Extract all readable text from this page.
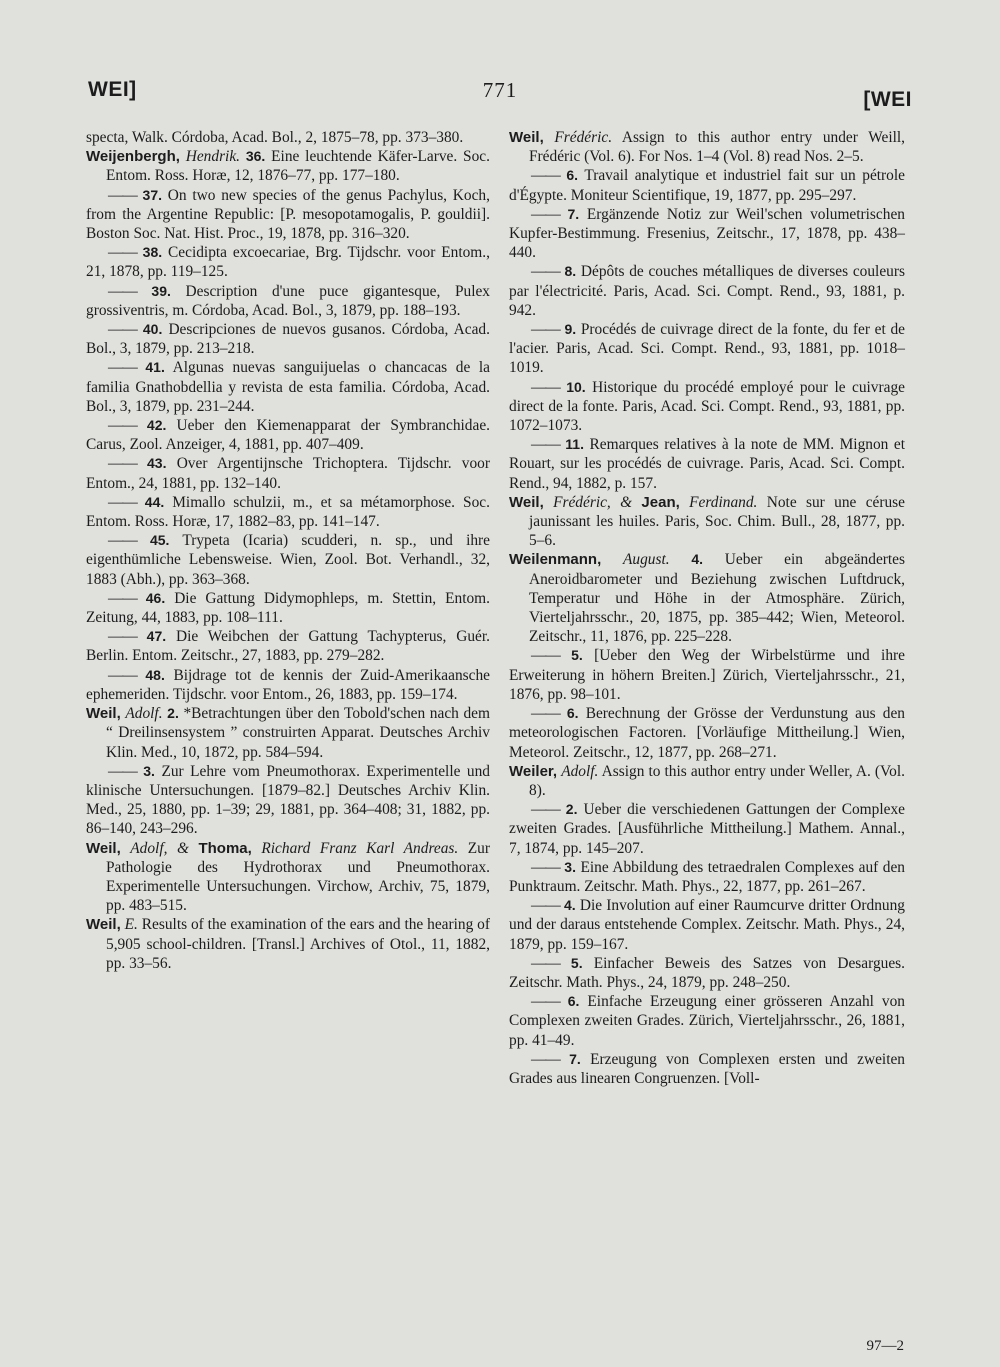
WEI]	771	[WEI

specta, Walk. Córdoba, Acad. Bol., 2, 1875–78, pp. 373–380.

Weijenbergh, Hendrik. 36. Eine leuchtende Käfer-Larve. Soc. Entom. Ross. Horæ, 12, 1876–77, pp. 177–180.

—— 37. On two new species of the genus Pachylus, Koch, from the Argentine Republic: [P. mesopotamogalis, P. gouldii]. Boston Soc. Nat. Hist. Proc., 19, 1878, pp. 316–320.

—— 38. Cecidipta excoecariae, Brg. Tijdschr. voor Entom., 21, 1878, pp. 119–125.

—— 39. Description d'une puce gigantesque, Pulex grossiventris, m. Córdoba, Acad. Bol., 3, 1879, pp. 188–193.

—— 40. Descripciones de nuevos gusanos. Córdoba, Acad. Bol., 3, 1879, pp. 213–218.

—— 41. Algunas nuevas sanguijuelas o chancacas de la familia Gnathobdellia y revista de esta familia. Córdoba, Acad. Bol., 3, 1879, pp. 231–244.

—— 42. Ueber den Kiemenapparat der Symbranchidae. Carus, Zool. Anzeiger, 4, 1881, pp. 407–409.

—— 43. Over Argentijnsche Trichoptera. Tijdschr. voor Entom., 24, 1881, pp. 132–140.

—— 44. Mimallo schulzii, m., et sa métamorphose. Soc. Entom. Ross. Horæ, 17, 1882–83, pp. 141–147.

—— 45. Trypeta (Icaria) scudderi, n. sp., und ihre eigenthümliche Lebensweise. Wien, Zool. Bot. Verhandl., 32, 1883 (Abh.), pp. 363–368.

—— 46. Die Gattung Didymophleps, m. Stettin, Entom. Zeitung, 44, 1883, pp. 108–111.

—— 47. Die Weibchen der Gattung Tachypterus, Guér. Berlin. Entom. Zeitschr., 27, 1883, pp. 279–282.

—— 48. Bijdrage tot de kennis der Zuid-Amerikaansche ephemeriden. Tijdschr. voor Entom., 26, 1883, pp. 159–174.

Weil, Adolf. 2. *Betrachtungen über den Tobold'schen nach dem “ Dreilinsensystem ” construirten Apparat. Deutsches Archiv Klin. Med., 10, 1872, pp. 584–594.

—— 3. Zur Lehre vom Pneumothorax. Experimentelle und klinische Untersuchungen. [1879–82.] Deutsches Archiv Klin. Med., 25, 1880, pp. 1–39; 29, 1881, pp. 364–408; 31, 1882, pp. 86–140, 243–296.

Weil, Adolf, & Thoma, Richard Franz Karl Andreas. Zur Pathologie des Hydrothorax und Pneumothorax. Experimentelle Untersuchungen. Virchow, Archiv, 75, 1879, pp. 483–515.

Weil, E. Results of the examination of the ears and the hearing of 5,905 school-children. [Transl.] Archives of Otol., 11, 1882, pp. 33–56.

Weil, Frédéric. Assign to this author entry under Weill, Frédéric (Vol. 6). For Nos. 1–4 (Vol. 8) read Nos. 2–5.

—— 6. Travail analytique et industriel fait sur un pétrole d'Égypte. Moniteur Scientifique, 19, 1877, pp. 295–297.

—— 7. Ergänzende Notiz zur Weil'schen volumetrischen Kupfer-Bestimmung. Fresenius, Zeitschr., 17, 1878, pp. 438–440.

—— 8. Dépôts de couches métalliques de diverses couleurs par l'électricité. Paris, Acad. Sci. Compt. Rend., 93, 1881, p. 942.

—— 9. Procédés de cuivrage direct de la fonte, du fer et de l'acier. Paris, Acad. Sci. Compt. Rend., 93, 1881, pp. 1018–1019.

—— 10. Historique du procédé employé pour le cuivrage direct de la fonte. Paris, Acad. Sci. Compt. Rend., 93, 1881, pp. 1072–1073.

—— 11. Remarques relatives à la note de MM. Mignon et Rouart, sur les procédés de cuivrage. Paris, Acad. Sci. Compt. Rend., 94, 1882, p. 157.

Weil, Frédéric, & Jean, Ferdinand. Note sur une céruse jaunissant les huiles. Paris, Soc. Chim. Bull., 28, 1877, pp. 5–6.

Weilenmann, August. 4. Ueber ein abgeändertes Aneroidbarometer und Beziehung zwischen Luftdruck, Temperatur und Höhe in der Atmosphäre. Zürich, Vierteljahrsschr., 20, 1875, pp. 385–442; Wien, Meteorol. Zeitschr., 11, 1876, pp. 225–228.

—— 5. [Ueber den Weg der Wirbelstürme und ihre Erweiterung in höhern Breiten.] Zürich, Vierteljahrsschr., 21, 1876, pp. 98–101.

—— 6. Berechnung der Grösse der Verdunstung aus den meteorologischen Factoren. [Vorläufige Mittheilung.] Wien, Meteorol. Zeitschr., 12, 1877, pp. 268–271.

Weiler, Adolf. Assign to this author entry under Weller, A. (Vol. 8).

—— 2. Ueber die verschiedenen Gattungen der Complexe zweiten Grades. [Ausführliche Mittheilung.] Mathem. Annal., 7, 1874, pp. 145–207.

—— 3. Eine Abbildung des tetraedralen Complexes auf den Punktraum. Zeitschr. Math. Phys., 22, 1877, pp. 261–267.

—— 4. Die Involution auf einer Raumcurve dritter Ordnung und der daraus entstehende Complex. Zeitschr. Math. Phys., 24, 1879, pp. 159–167.

—— 5. Einfacher Beweis des Satzes von Desargues. Zeitschr. Math. Phys., 24, 1879, pp. 248–250.

—— 6. Einfache Erzeugung einer grösseren Anzahl von Complexen zweiten Grades. Zürich, Vierteljahrsschr., 26, 1881, pp. 41–49.

—— 7. Erzeugung von Complexen ersten und zweiten Grades aus linearen Congruenzen. [Voll-

97—2
